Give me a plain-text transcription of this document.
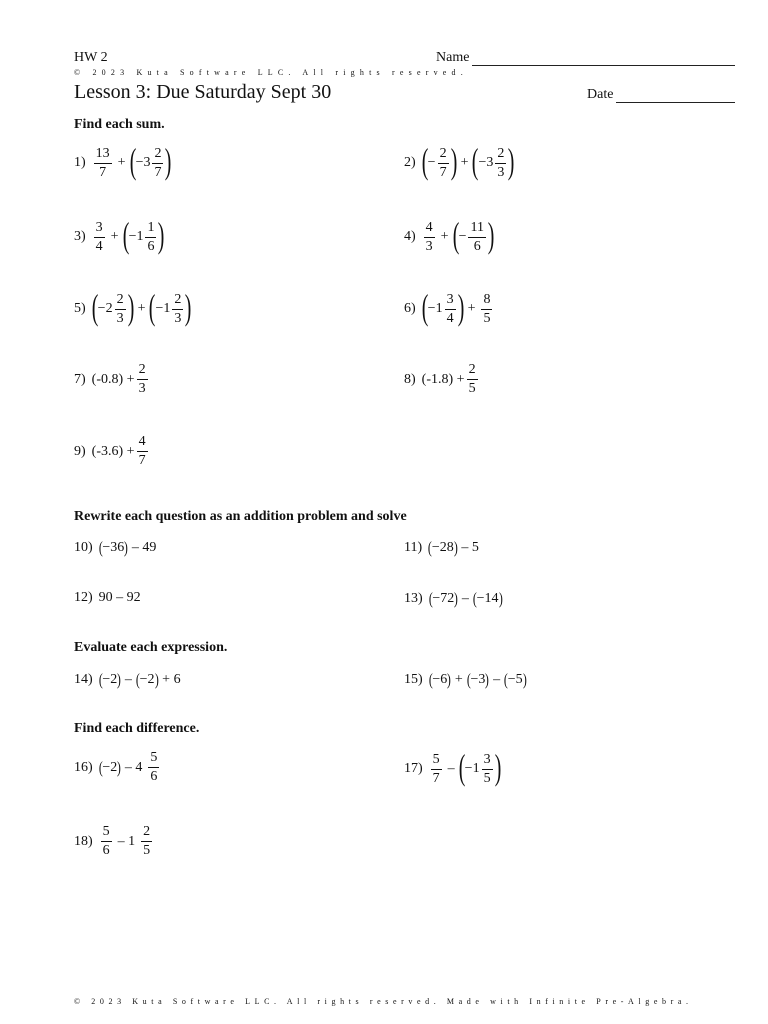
HW 2	Name
© 2023 Kuta Software LLC. All rights reserved.
Lesson 3: Due Saturday Sept 30	Date
Find each sum.
$1) \frac{13}{7}$ + ( $-3 \frac{2}{7}$ )	2) ( − $\frac{2}{7}$ ) + ( $-3 \frac{2}{3}$ )
$3) \frac{3}{4}$ + ( $-1 \frac{1}{6}$ )	$4) \frac{4}{3}$ + ( − $\frac{11}{6}$ )
5) ( $-2 \frac{2}{3}$ ) + ( $-1 \frac{2}{3}$ )	6) ( $-1 \frac{3}{4}$ ) + $\frac{8}{5}$
7) $(-0.8) + \frac{2}{3}$	8) $(-1.8) + \frac{2}{5}$
9) $(-3.6) + \frac{4}{7}$
Rewrite each question as an addition problem and solve
10) ( −36 ) – 49	11) ( −28 ) – 5
12) 90 – 92	13) ( −72 ) – ( −14 )
Evaluate each expression.
14) ( −2 ) – ( −2 ) + 6	15) ( −6 ) + ( −3 ) – ( −5 )
Find each difference.
16) ( −2 ) – $4 \frac{5}{6}$	$17) \frac{5}{7}$ – ( $-1 \frac{3}{5}$ )
$18) \frac{5}{6} - 1 \frac{2}{5}$
© 2023 Kuta Software LLC. All rights reserved. Made with Infinite Pre-Algebra.
